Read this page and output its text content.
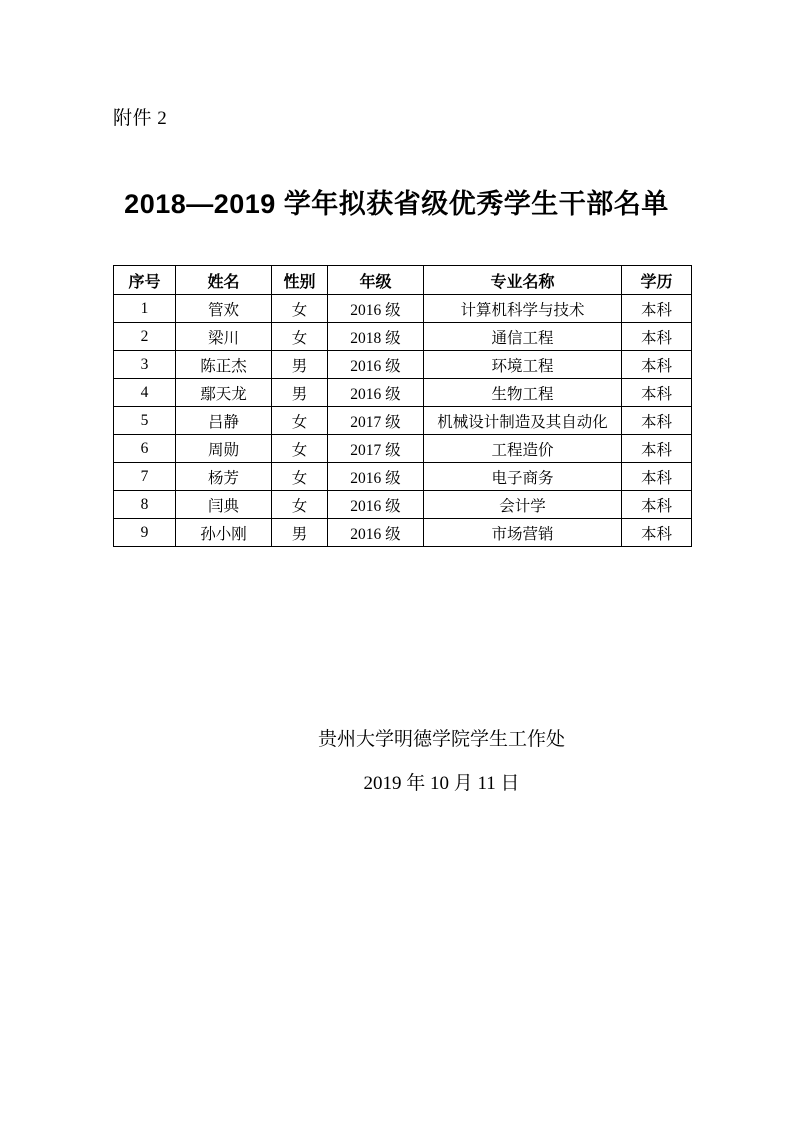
附件 2
2018—2019 学年拟获省级优秀学生干部名单
序号	姓名	性别	年级	专业名称	学历
1	管欢	女	2016 级	计算机科学与技术	本科
2	梁川	女	2018 级	通信工程	本科
3	陈正杰	男	2016 级	环境工程	本科
4	鄢天龙	男	2016 级	生物工程	本科
5	吕静	女	2017 级	机械设计制造及其自动化	本科
6	周勋	女	2017 级	工程造价	本科
7	杨芳	女	2016 级	电子商务	本科
8	闫典	女	2016 级	会计学	本科
9	孙小刚	男	2016 级	市场营销	本科
贵州大学明德学院学生工作处
2019 年 10 月 11 日
